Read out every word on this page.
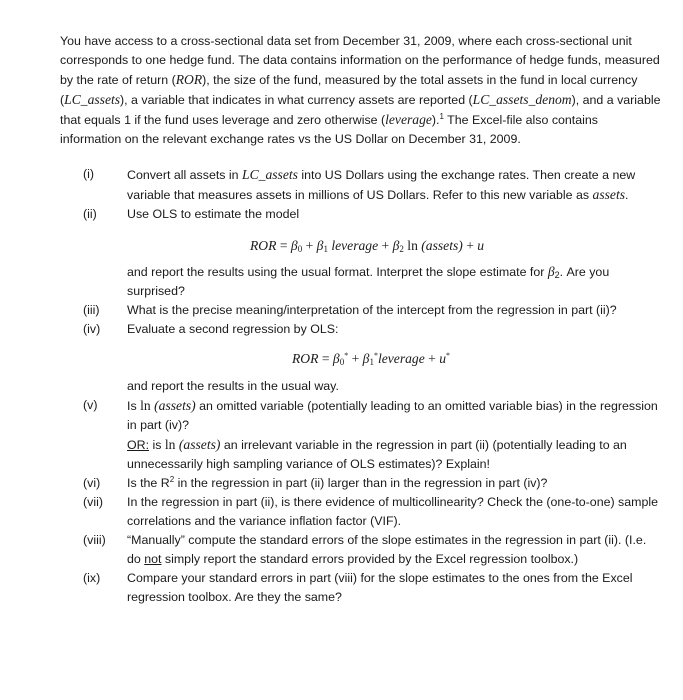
You have access to a cross-sectional data set from December 31, 2009, where each cross-sectional unit corresponds to one hedge fund. The data contains information on the performance of hedge funds, measured by the rate of return (ROR), the size of the fund, measured by the total assets in the fund in local currency (LC_assets), a variable that indicates in what currency assets are reported (LC_assets_denom), and a variable that equals 1 if the fund uses leverage and zero otherwise (leverage).$^1$ The Excel-file also contains information on the relevant exchange rates vs the US Dollar on December 31, 2009.

(i)	Convert all assets in LC_assets into US Dollars using the exchange rates. Then create a new variable that measures assets in millions of US Dollars. Refer to this new variable as assets.
(ii) Use OLS to estimate the model
ROR = $\beta_0 + \beta_1$ leverage + $\beta_2$ ln (assets) + u
and report the results using the usual format. Interpret the slope estimate for $\beta_2$. Are you surprised?
(iii) What is the precise meaning/interpretation of the intercept from the regression in part (ii)?
(iv) Evaluate a second regression by OLS:
ROR = $\beta_0^*$ + $\beta_1^*leverage + u^*$
and report the results in the usual way.
(v) Is ln (assets) an omitted variable (potentially leading to an omitted variable bias) in the regression in part (iv)?
OR: is ln (assets) an irrelevant variable in the regression in part (ii) (potentially leading to an unnecessarily high sampling variance of OLS estimates)? Explain!
(vi) Is the $R^2$ in the regression in part (ii) larger than in the regression in part (iv)?
(vii) In the regression in part (ii), is there evidence of multicollinearity? Check the (one-to-one) sample correlations and the variance inflation factor (VIF).
(viii) “Manually” compute the standard errors of the slope estimates in the regression in part (ii). (I.e. do not simply report the standard errors provided by the Excel regression toolbox.)
(ix) Compare your standard errors in part (viii) for the slope estimates to the ones from the Excel regression toolbox. Are they the same?
